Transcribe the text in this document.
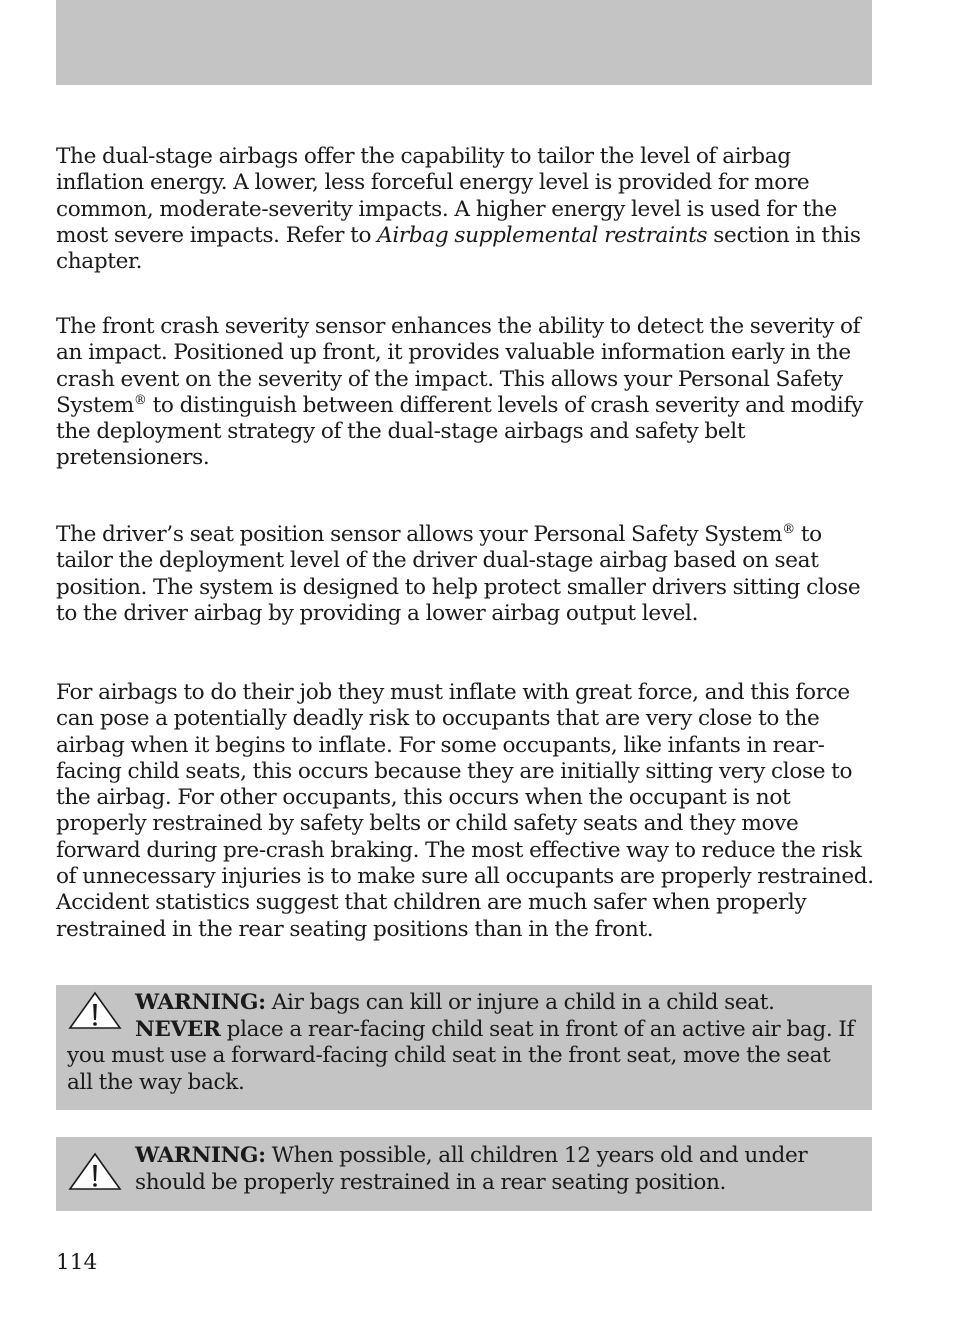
The dual-stage airbags offer the capability to tailor the level of airbag inflation energy. A lower, less forceful energy level is provided for more common, moderate-severity impacts. A higher energy level is used for the most severe impacts. Refer to Airbag supplemental restraints section in this chapter.

The front crash severity sensor enhances the ability to detect the severity of an impact. Positioned up front, it provides valuable information early in the crash event on the severity of the impact. This allows your Personal Safety System® to distinguish between different levels of crash severity and modify the deployment strategy of the dual-stage airbags and safety belt pretensioners.

The driver’s seat position sensor allows your Personal Safety System® to tailor the deployment level of the driver dual-stage airbag based on seat position. The system is designed to help protect smaller drivers sitting close to the driver airbag by providing a lower airbag output level.

For airbags to do their job they must inflate with great force, and this force can pose a potentially deadly risk to occupants that are very close to the airbag when it begins to inflate. For some occupants, like infants in rear-facing child seats, this occurs because they are initially sitting very close to the airbag. For other occupants, this occurs when the occupant is not properly restrained by safety belts or child safety seats and they move forward during pre-crash braking. The most effective way to reduce the risk of unnecessary injuries is to make sure all occupants are properly restrained. Accident statistics suggest that children are much safer when properly restrained in the rear seating positions than in the front.

WARNING: Air bags can kill or injure a child in a child seat. NEVER place a rear-facing child seat in front of an active air bag. If you must use a forward-facing child seat in the front seat, move the seat all the way back.

WARNING: When possible, all children 12 years old and under should be properly restrained in a rear seating position.

114
